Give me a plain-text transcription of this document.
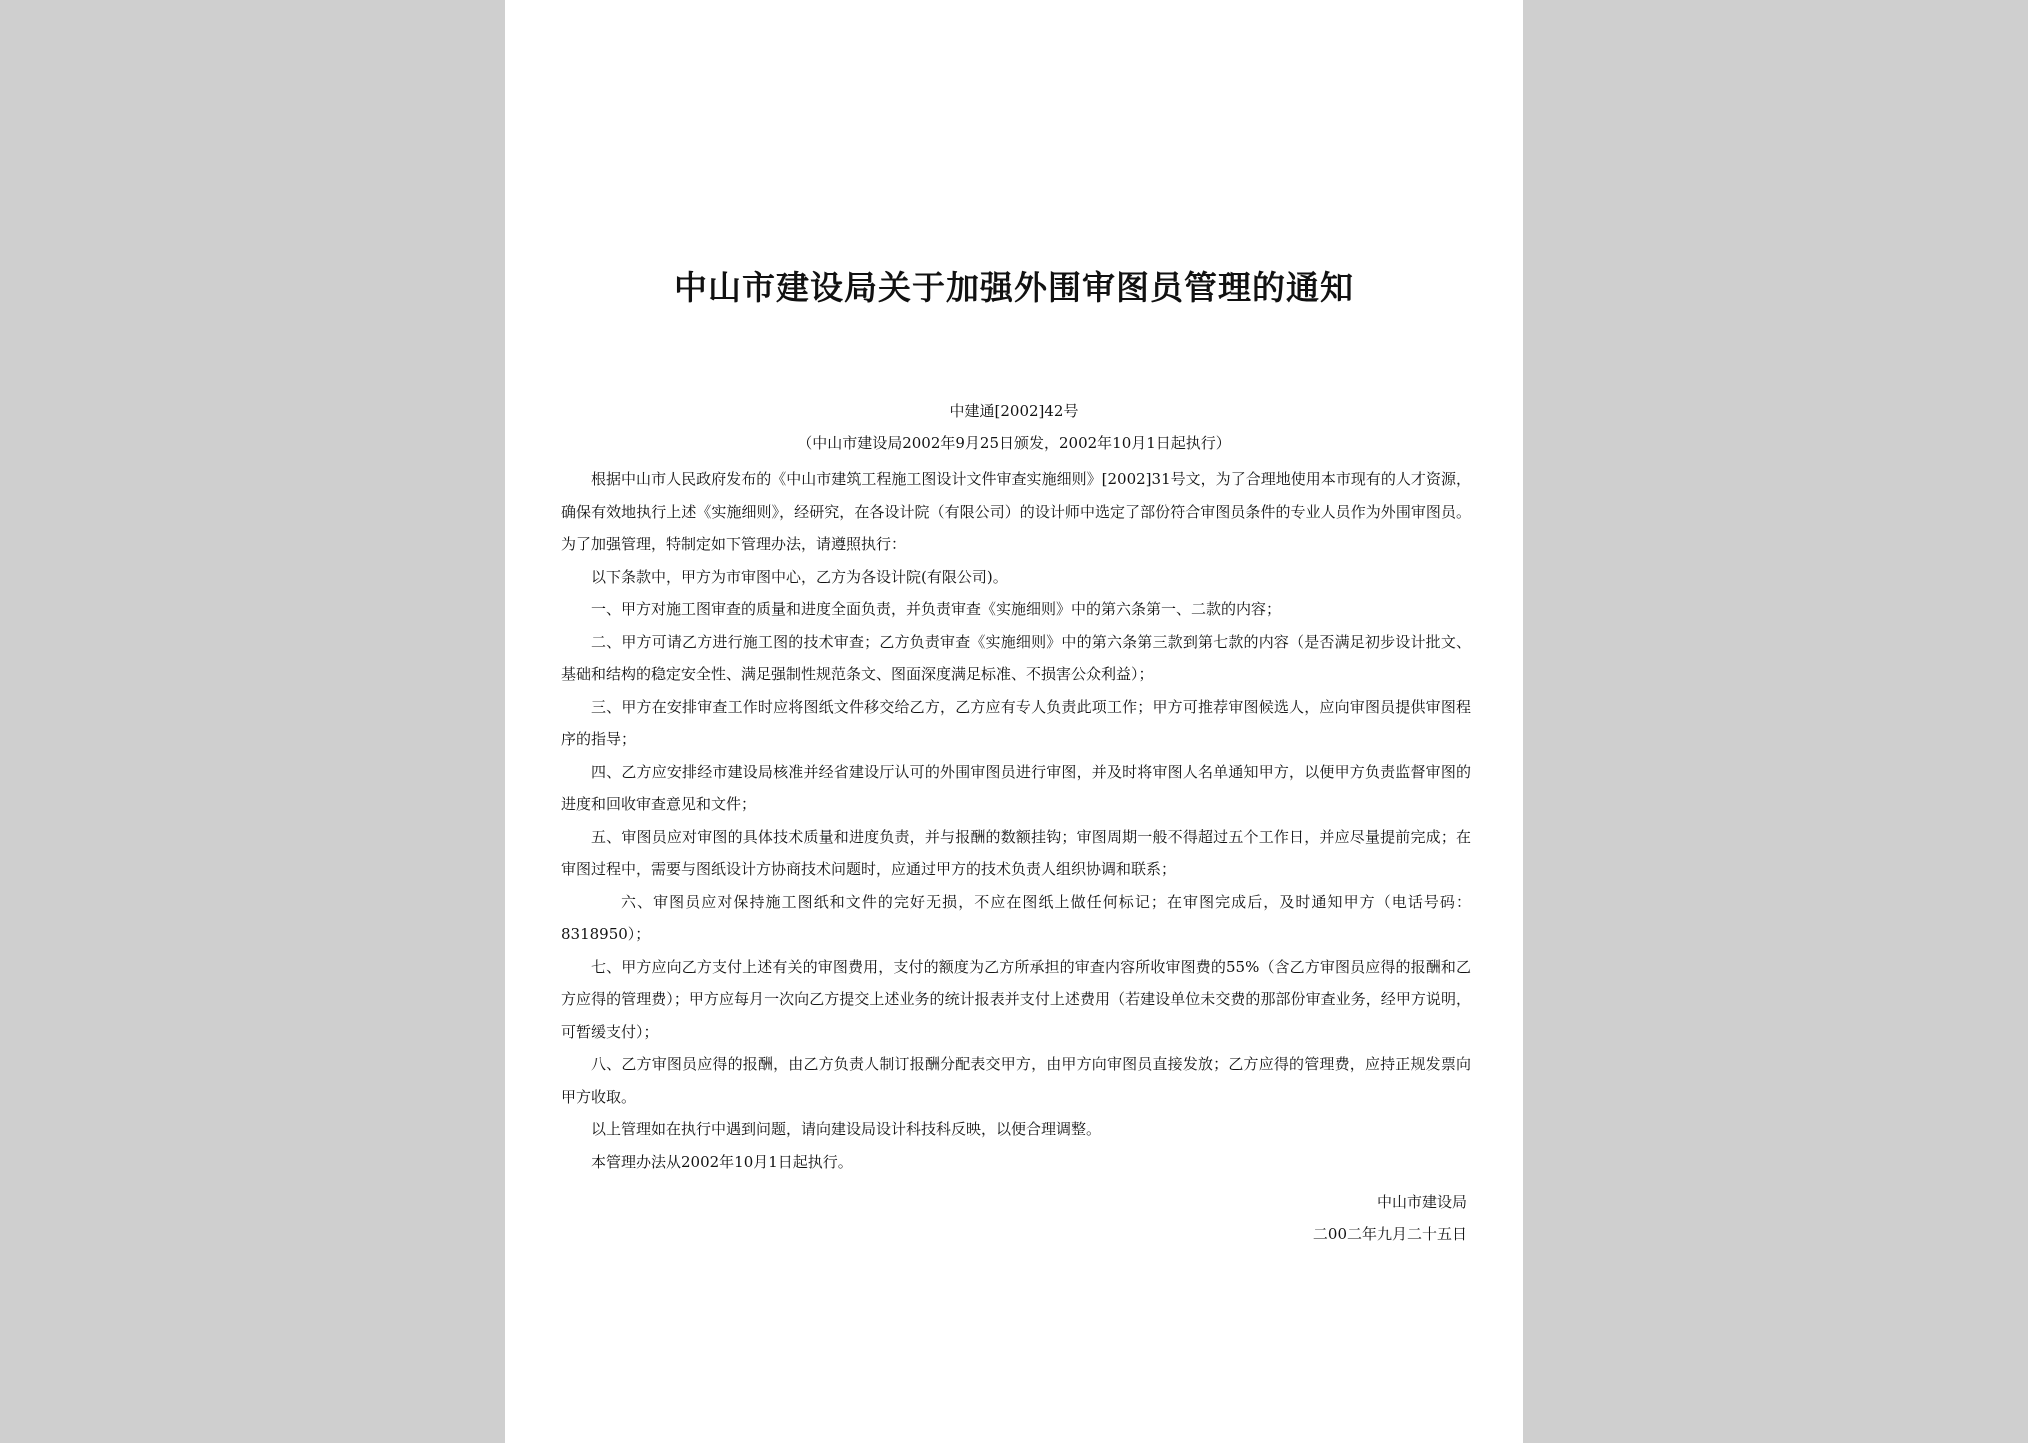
中山市建设局关于加强外围审图员管理的通知
中建通[2002]42号
（中山市建设局2002年9月25日颁发，2002年10月1日起执行）

根据中山市人民政府发布的《中山市建筑工程施工图设计文件审查实施细则》[2002]31号文，为了合理地使用本市现有的人才资源，确保有效地执行上述《实施细则》，经研究，在各设计院（有限公司）的设计师中选定了部份符合审图员条件的专业人员作为外围审图员。为了加强管理，特制定如下管理办法，请遵照执行：

以下条款中，甲方为市审图中心，乙方为各设计院(有限公司)。

一、甲方对施工图审查的质量和进度全面负责，并负责审查《实施细则》中的第六条第一、二款的内容；

二、甲方可请乙方进行施工图的技术审查；乙方负责审查《实施细则》中的第六条第三款到第七款的内容（是否满足初步设计批文、基础和结构的稳定安全性、满足强制性规范条文、图面深度满足标准、不损害公众利益）；

三、甲方在安排审查工作时应将图纸文件移交给乙方，乙方应有专人负责此项工作；甲方可推荐审图候选人，应向审图员提供审图程序的指导；

四、乙方应安排经市建设局核准并经省建设厅认可的外围审图员进行审图，并及时将审图人名单通知甲方，以便甲方负责监督审图的进度和回收审查意见和文件；

五、审图员应对审图的具体技术质量和进度负责，并与报酬的数额挂钩；审图周期一般不得超过五个工作日，并应尽量提前完成；在审图过程中，需要与图纸设计方协商技术问题时，应通过甲方的技术负责人组织协调和联系；

六、审图员应对保持施工图纸和文件的完好无损，不应在图纸上做任何标记；在审图完成后，及时通知甲方（电话号码：8318950）；

七、甲方应向乙方支付上述有关的审图费用，支付的额度为乙方所承担的审查内容所收审图费的55%（含乙方审图员应得的报酬和乙方应得的管理费）；甲方应每月一次向乙方提交上述业务的统计报表并支付上述费用（若建设单位未交费的那部份审查业务，经甲方说明，可暂缓支付）；

八、乙方审图员应得的报酬，由乙方负责人制订报酬分配表交甲方，由甲方向审图员直接发放；乙方应得的管理费，应持正规发票向甲方收取。

以上管理如在执行中遇到问题，请向建设局设计科技科反映，以便合理调整。

本管理办法从2002年10月1日起执行。

中山市建设局
二00二年九月二十五日
